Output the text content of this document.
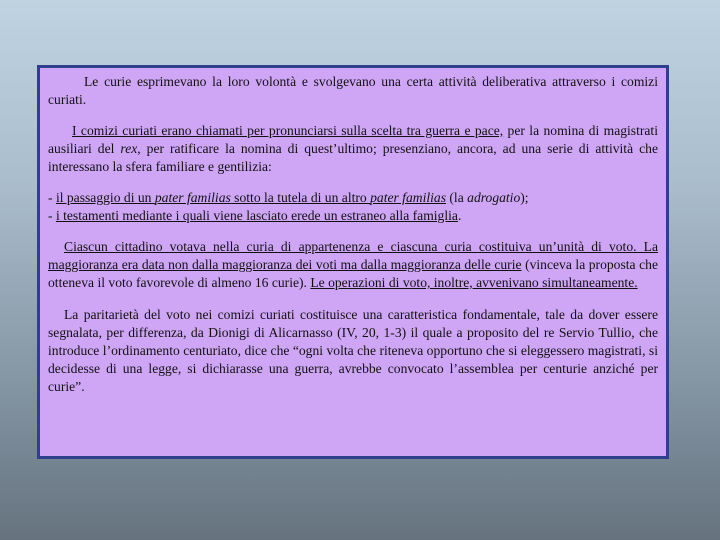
Le curie esprimevano la loro volontà e svolgevano una certa attività deliberativa attraverso i comizi curiati.

I comizi curiati erano chiamati per pronunciarsi sulla scelta tra guerra e pace, per la nomina di magistrati ausiliari del rex, per ratificare la nomina di quest’ultimo; presenziano, ancora, ad una serie di attività che interessano la sfera familiare e gentilizia:

- il passaggio di un pater familias sotto la tutela di un altro pater familias (la adrogatio);
- i testamenti mediante i quali viene lasciato erede un estraneo alla famiglia.

Ciascun cittadino votava nella curia di appartenenza e ciascuna curia costituiva un’unità di voto. La maggioranza era data non dalla maggioranza dei voti ma dalla maggioranza delle curie (vinceva la proposta che otteneva il voto favorevole di almeno 16 curie). Le operazioni di voto, inoltre, avvenivano simultaneamente.

La paritarietà del voto nei comizi curiati costituisce una caratteristica fondamentale, tale da dover essere segnalata, per differenza, da Dionigi di Alicarnasso (IV, 20, 1-3) il quale a proposito del re Servio Tullio, che introduce l’ordinamento centuriato, dice che “ogni volta che riteneva opportuno che si eleggessero magistrati, si decidesse di una legge, si dichiarasse una guerra, avrebbe convocato l’assemblea per centurie anziché per curie”.
